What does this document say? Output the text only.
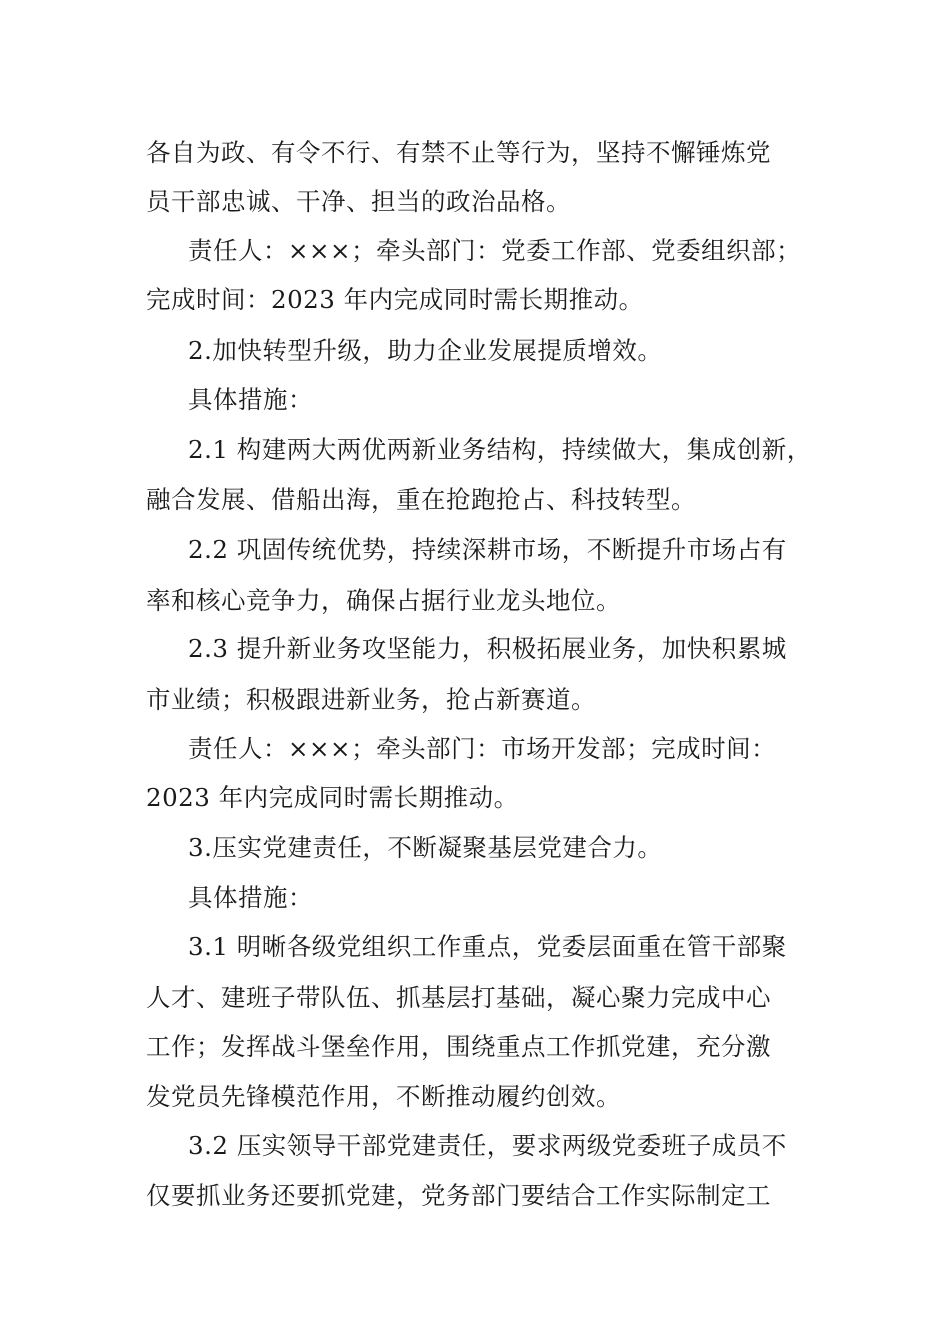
各自为政、有令不行、有禁不止等行为，坚持不懈锤炼党
员干部忠诚、干净、担当的政治品格。
责任人：×××；牵头部门：党委工作部、党委组织部；
完成时间：2023 年内完成同时需长期推动。
2.加快转型升级，助力企业发展提质增效。
具体措施：
2.1 构建两大两优两新业务结构，持续做大，集成创新，
融合发展、借船出海，重在抢跑抢占、科技转型。
2.2 巩固传统优势，持续深耕市场，不断提升市场占有
率和核心竞争力，确保占据行业龙头地位。
2.3 提升新业务攻坚能力，积极拓展业务，加快积累城
市业绩；积极跟进新业务，抢占新赛道。
责任人：×××；牵头部门：市场开发部；完成时间：
2023 年内完成同时需长期推动。
3.压实党建责任，不断凝聚基层党建合力。
具体措施：
3.1 明晰各级党组织工作重点，党委层面重在管干部聚
人才、建班子带队伍、抓基层打基础，凝心聚力完成中心
工作；发挥战斗堡垒作用，围绕重点工作抓党建，充分激
发党员先锋模范作用，不断推动履约创效。
3.2 压实领导干部党建责任，要求两级党委班子成员不
仅要抓业务还要抓党建，党务部门要结合工作实际制定工
